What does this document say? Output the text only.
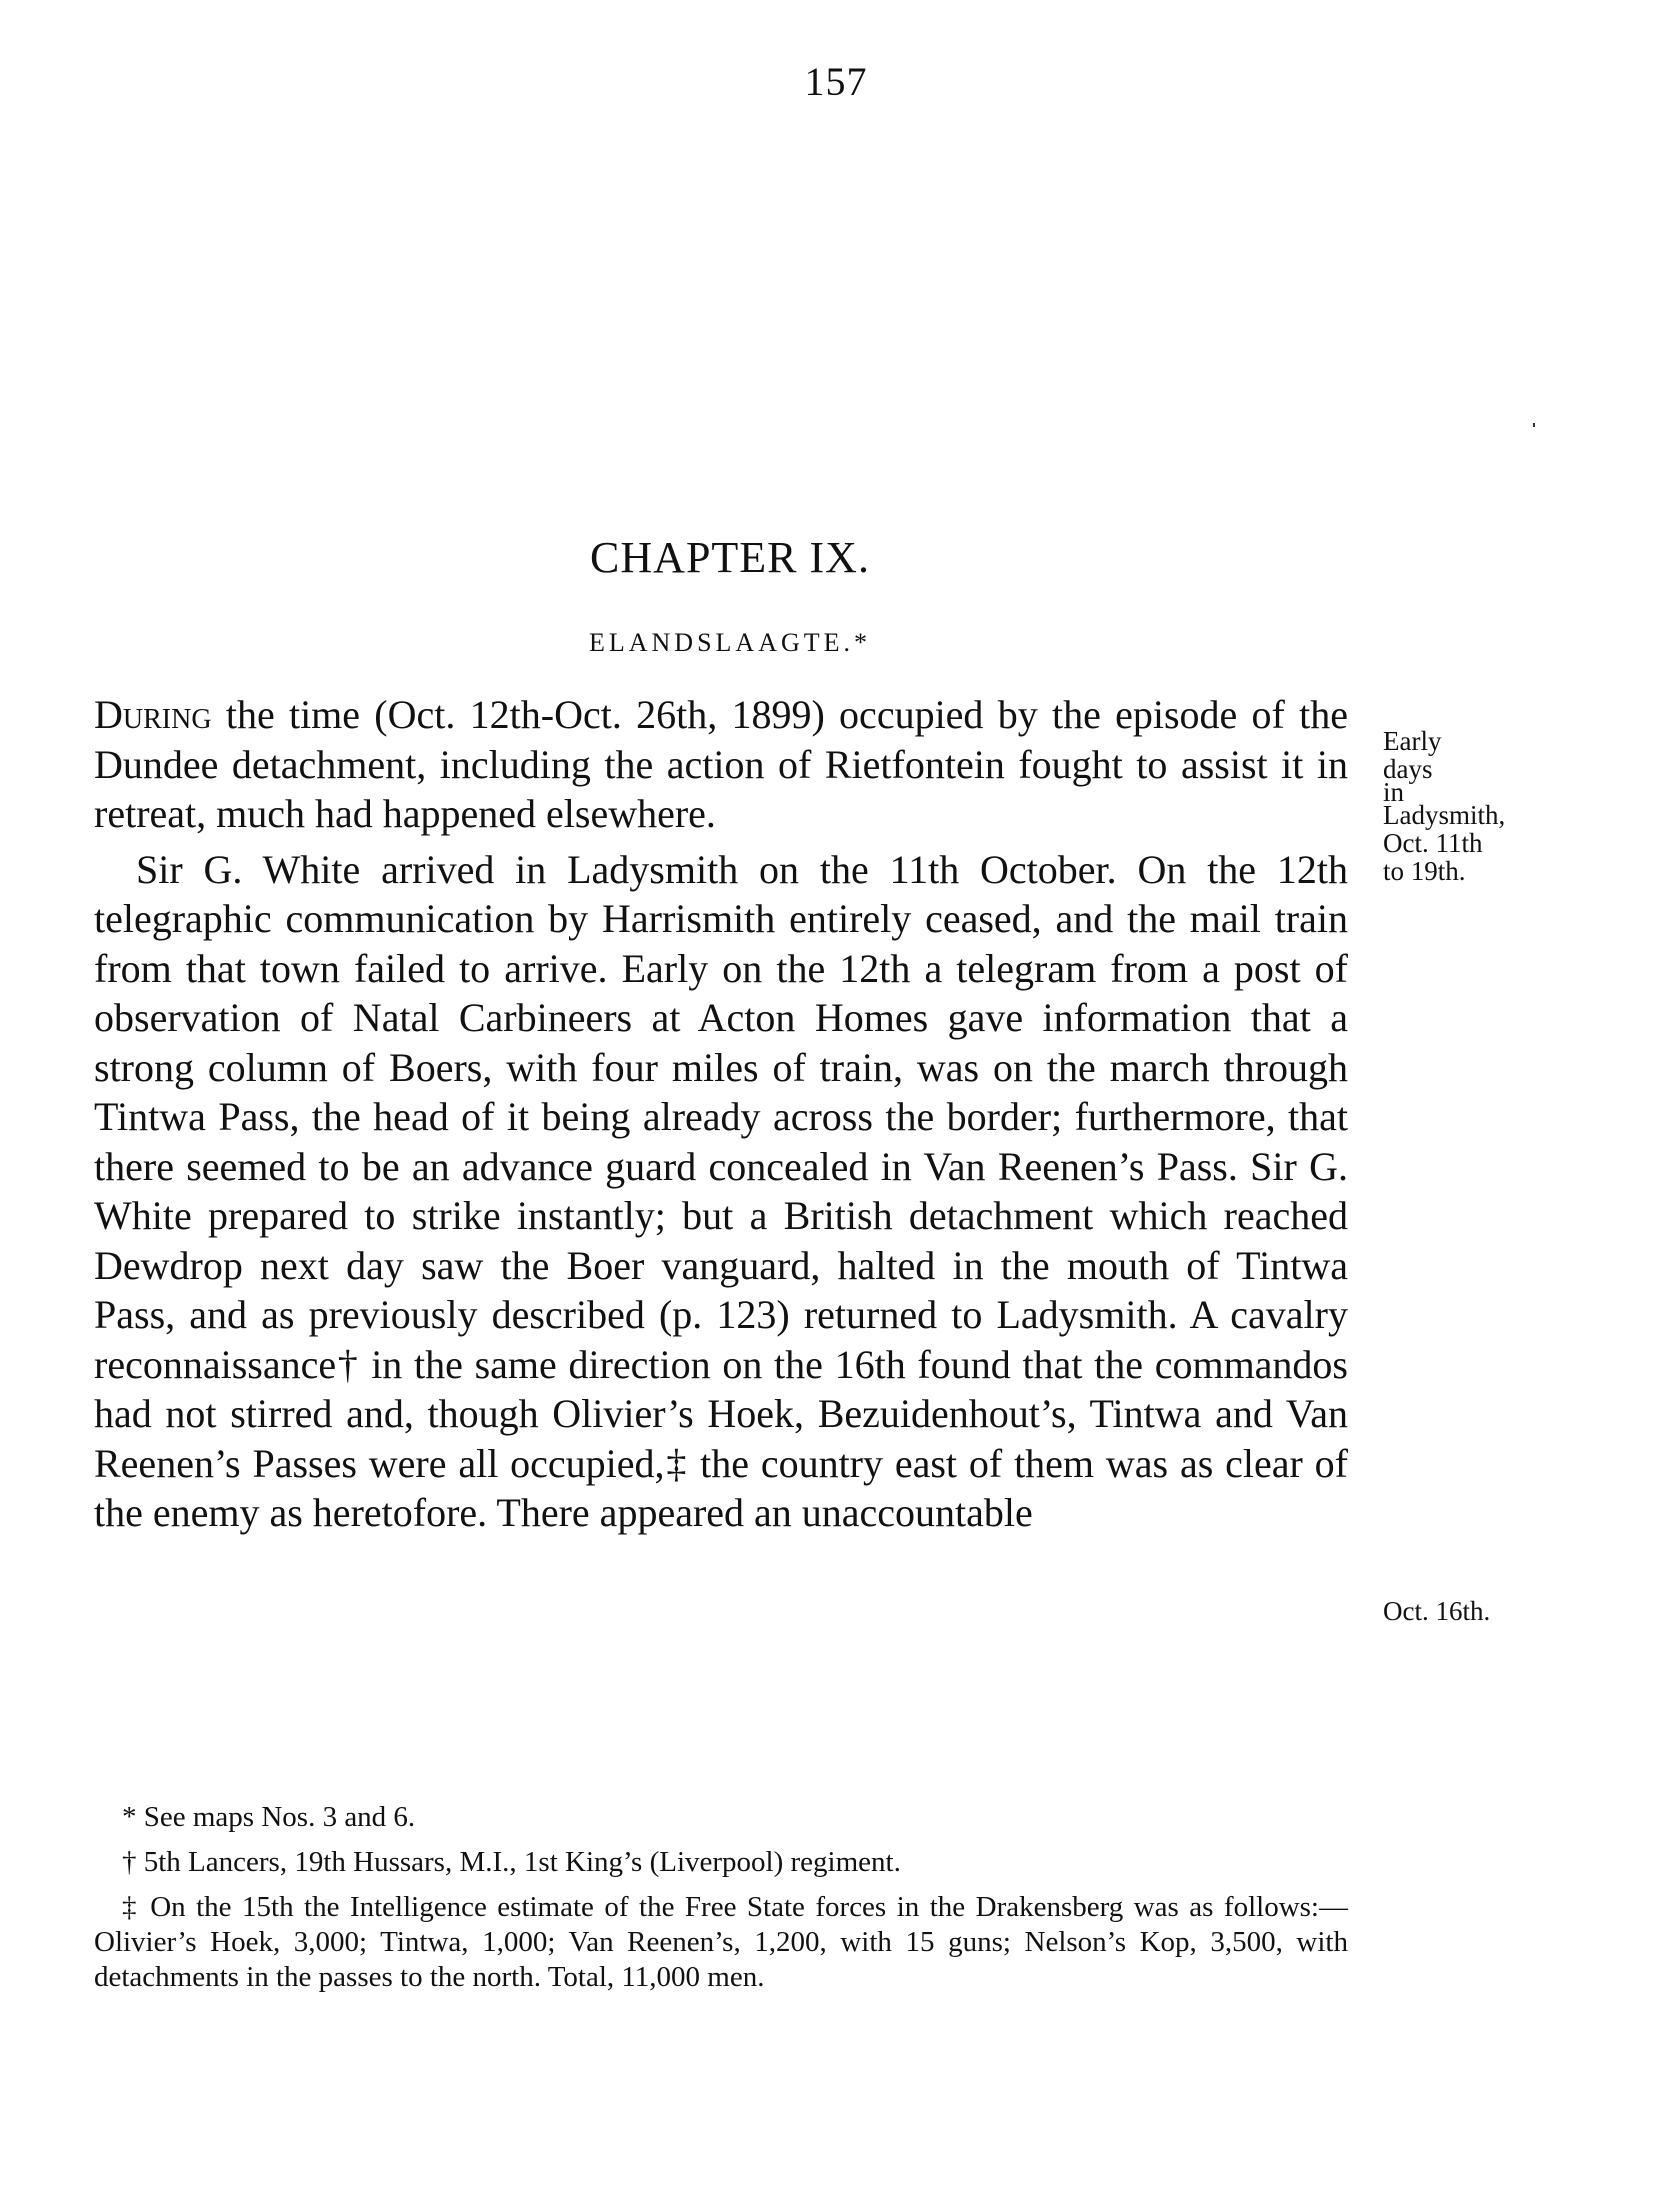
157
CHAPTER IX.
ELANDSLAAGTE.*

During the time (Oct. 12th-Oct. 26th, 1899) occupied by the episode of the Dundee detachment, including the action of Rietfontein fought to assist it in retreat, much had happened elsewhere.

Sir G. White arrived in Ladysmith on the 11th October. On the 12th telegraphic communication by Harrismith entirely ceased, and the mail train from that town failed to arrive. Early on the 12th a telegram from a post of observation of Natal Carbineers at Acton Homes gave information that a strong column of Boers, with four miles of train, was on the march through Tintwa Pass, the head of it being already across the border; furthermore, that there seemed to be an advance guard concealed in Van Reenen’s Pass. Sir G. White prepared to strike instantly; but a British detachment which reached Dewdrop next day saw the Boer vanguard, halted in the mouth of Tintwa Pass, and as previously described (p. 123) returned to Ladysmith. A cavalry reconnaissance† in the same direction on the 16th found that the commandos had not stirred and, though Olivier’s Hoek, Bezuidenhout’s, Tintwa and Van Reenen’s Passes were all occupied,‡ the country east of them was as clear of the enemy as heretofore. There appeared an unaccountable

Early
days
in
Ladysmith,
Oct. 11th
to 19th.
Oct. 16th.

* See maps Nos. 3 and 6.

† 5th Lancers, 19th Hussars, M.I., 1st King’s (Liverpool) regiment.

‡ On the 15th the Intelligence estimate of the Free State forces in the Drakensberg was as follows:—Olivier’s Hoek, 3,000; Tintwa, 1,000; Van Reenen’s, 1,200, with 15 guns; Nelson’s Kop, 3,500, with detachments in the passes to the north. Total, 11,000 men.
